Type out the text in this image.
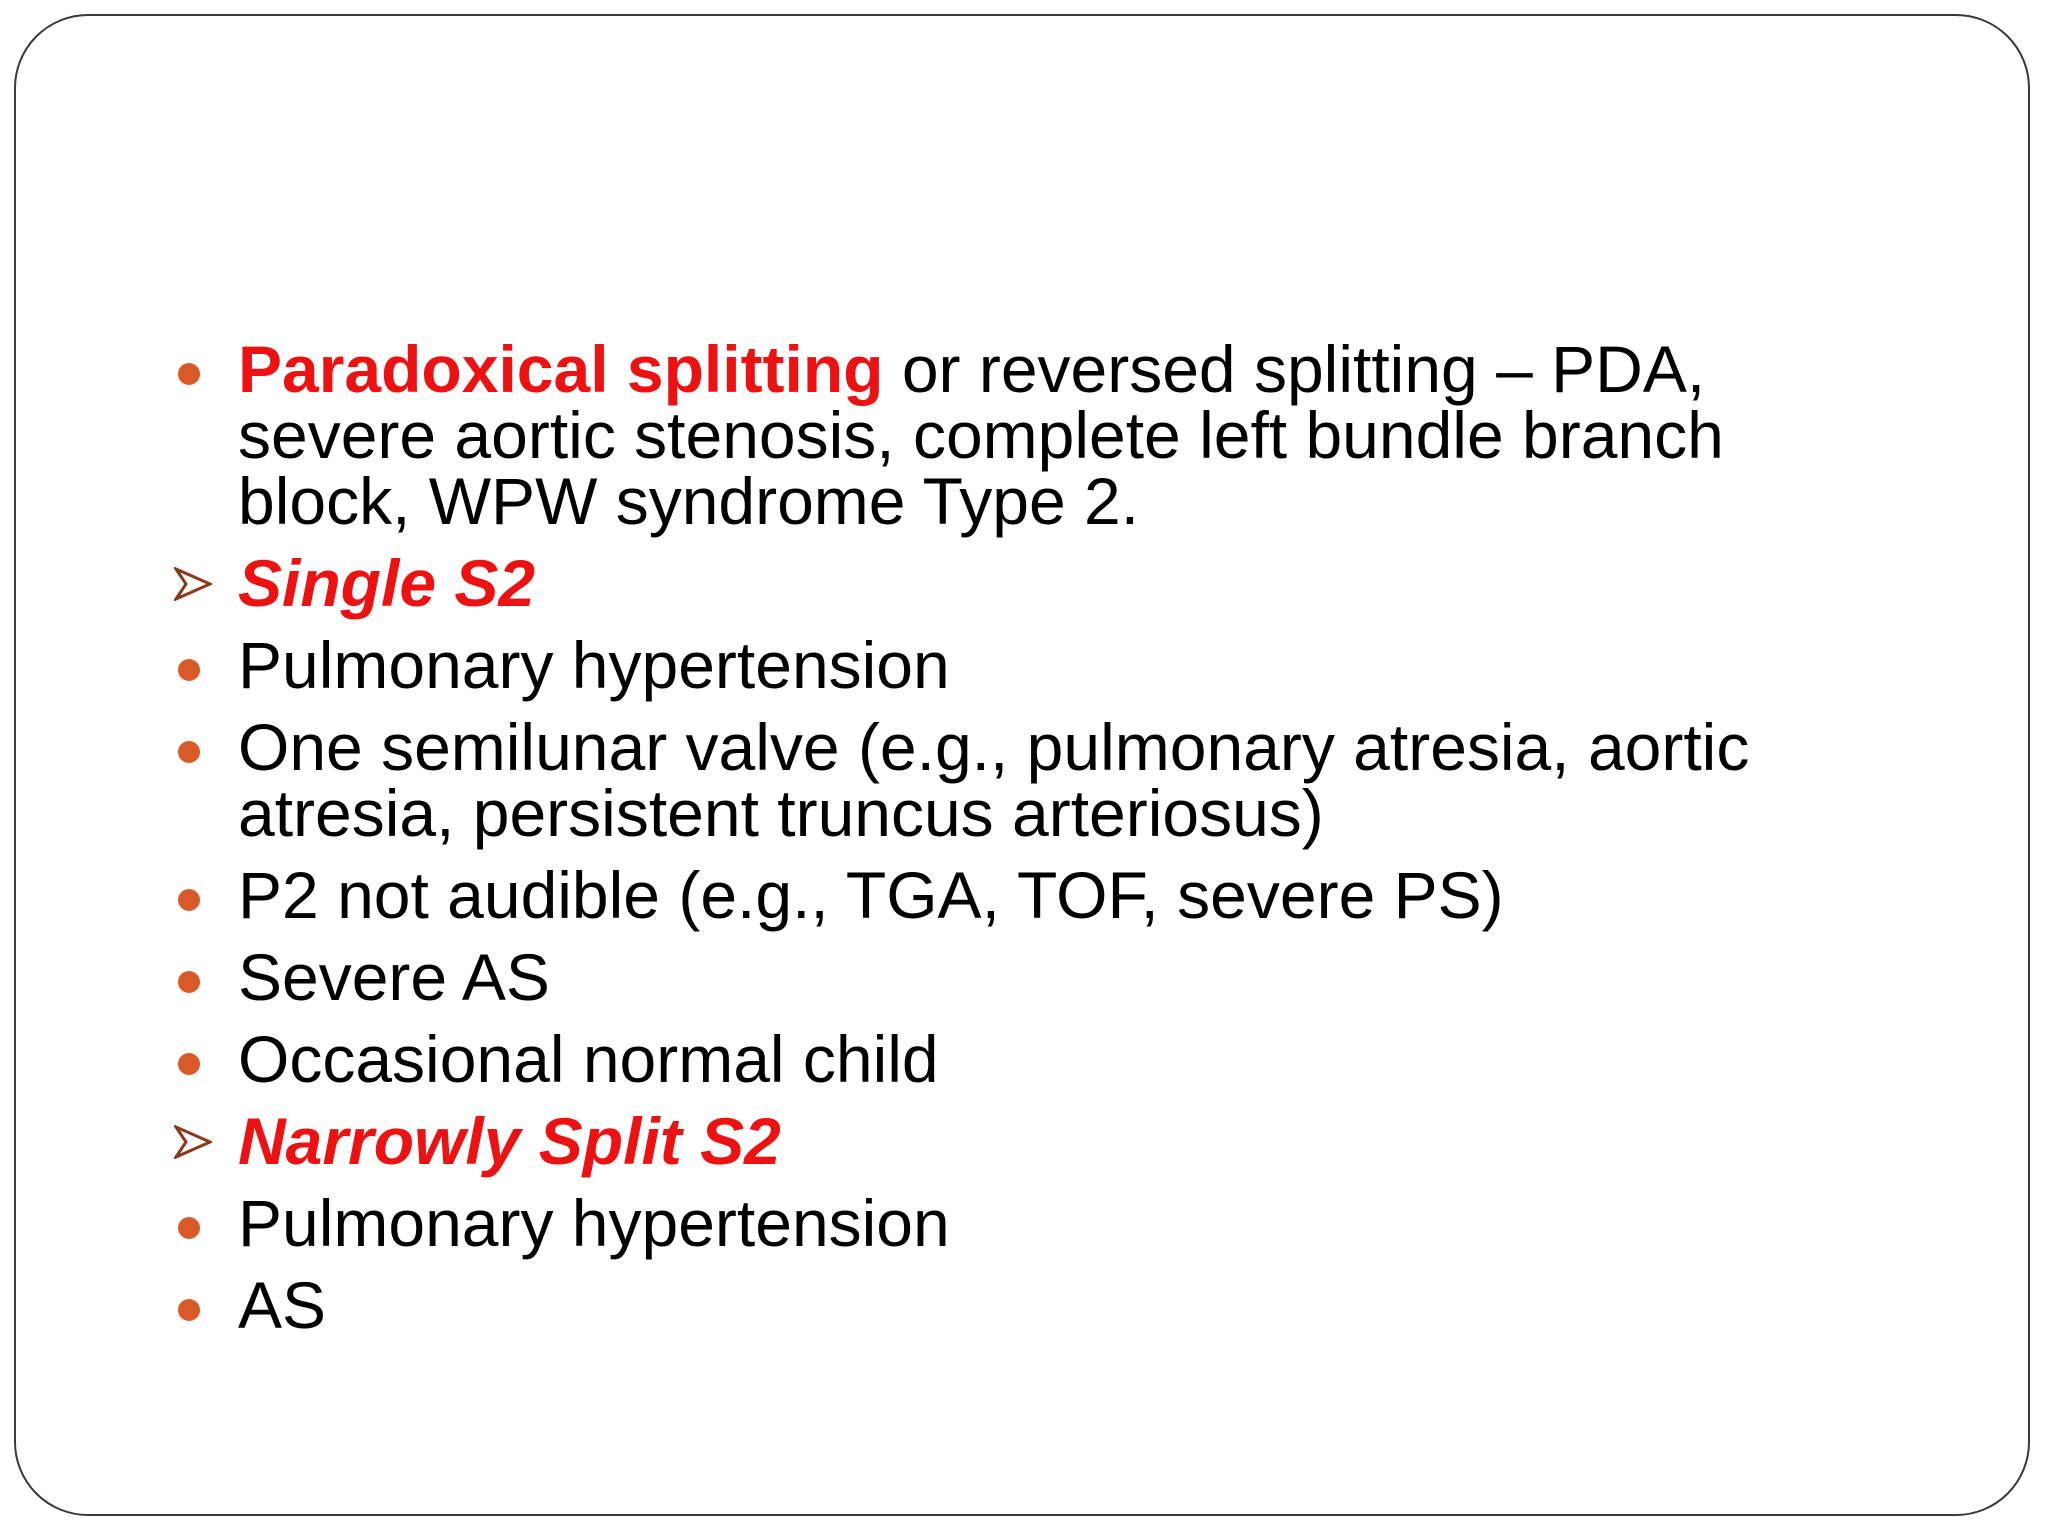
Paradoxical splitting or reversed splitting – PDA,
severe aortic stenosis, complete left bundle branch
block, WPW syndrome Type 2.
Single S2
Pulmonary hypertension
One semilunar valve (e.g., pulmonary atresia, aortic
atresia, persistent truncus arteriosus)
P2 not audible (e.g., TGA, TOF, severe PS)
Severe AS
Occasional normal child
Narrowly Split S2
Pulmonary hypertension
AS
